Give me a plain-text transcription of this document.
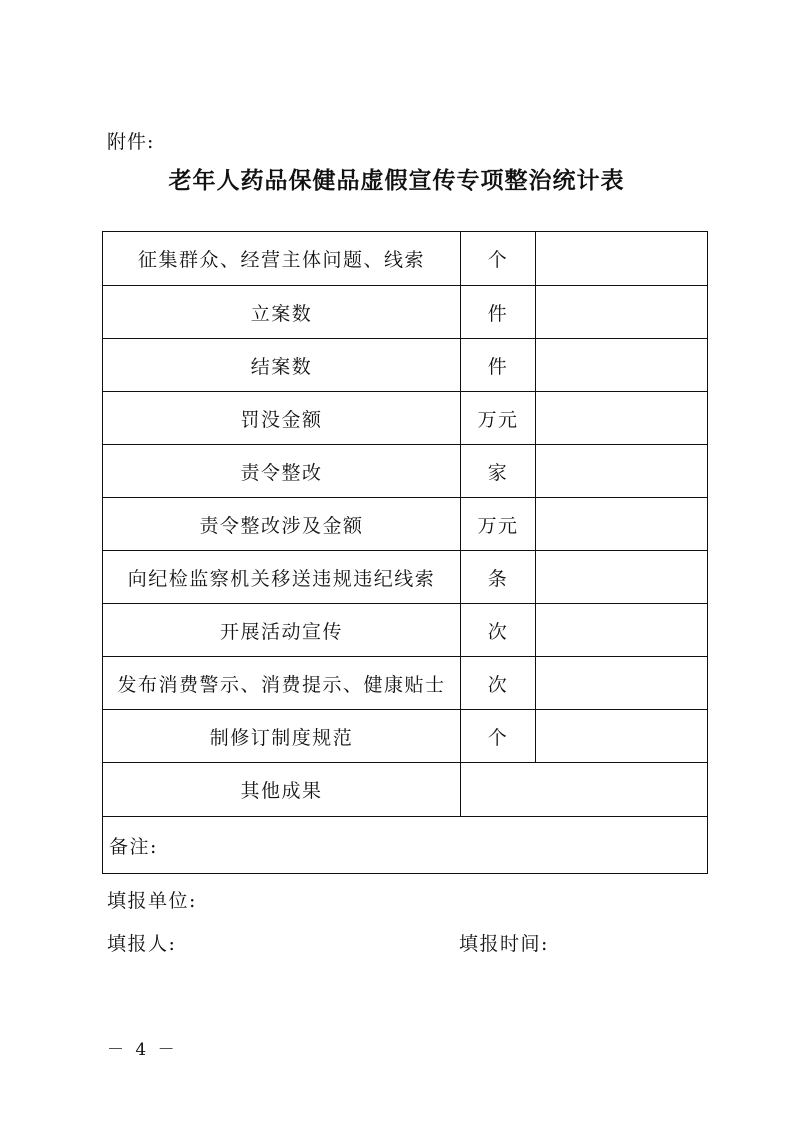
附件:
老年人药品保健品虚假宣传专项整治统计表
征集群众、经营主体问题、线索	个	
立案数	件	
结案数	件	
罚没金额	万元	
责令整改	家	
责令整改涉及金额	万元	
向纪检监察机关移送违规违纪线索	条	
开展活动宣传	次	
发布消费警示、消费提示、健康贴士	次	
制修订制度规范	个	
其他成果		
备注:		
填报单位:
填报人:	填报时间:
－ 4 －
